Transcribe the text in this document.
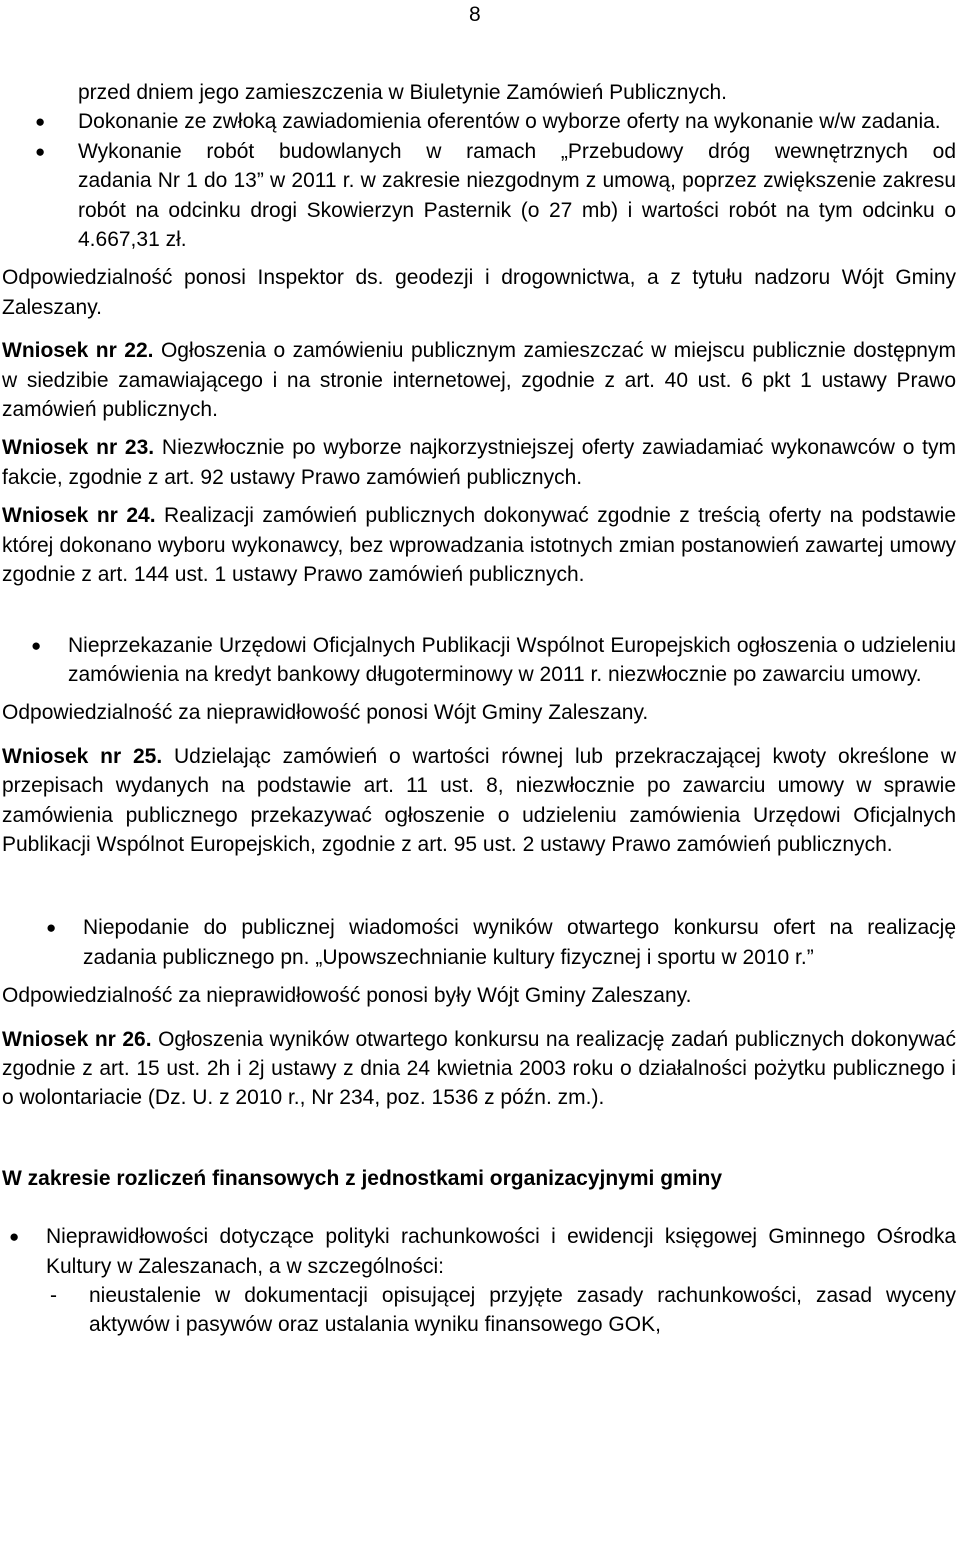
8

przed dniem jego zamieszczenia w Biuletynie Zamówień Publicznych.

● Dokonanie ze zwłoką zawiadomienia oferentów o wyborze oferty na wykonanie w/w zadania.

● Wykonanie robót budowlanych w ramach „Przebudowy dróg wewnętrznych od

zadania Nr 1 do 13” w 2011 r. w zakresie niezgodnym z umową, poprzez zwiększenie zakresu robót na odcinku drogi Skowierzyn Pasternik (o 27 mb) i wartości robót na tym odcinku o 4.667,31 zł.

Odpowiedzialność ponosi Inspektor ds. geodezji i drogownictwa, a z tytułu nadzoru Wójt Gminy Zaleszany.

Wniosek nr 22. Ogłoszenia o zamówieniu publicznym zamieszczać w miejscu publicznie dostępnym w siedzibie zamawiającego i na stronie internetowej, zgodnie z art. 40 ust. 6 pkt 1 ustawy Prawo zamówień publicznych.

Wniosek nr 23. Niezwłocznie po wyborze najkorzystniejszej oferty zawiadamiać wykonawców o tym fakcie, zgodnie z art. 92 ustawy Prawo zamówień publicznych.

Wniosek nr 24. Realizacji zamówień publicznych dokonywać zgodnie z treścią oferty na podstawie której dokonano wyboru wykonawcy, bez wprowadzania istotnych zmian postanowień zawartej umowy zgodnie z art. 144 ust. 1 ustawy Prawo zamówień publicznych.

● Nieprzekazanie Urzędowi Oficjalnych Publikacji Wspólnot Europejskich ogłoszenia o udzieleniu zamówienia na kredyt bankowy długoterminowy w 2011 r. niezwłocznie po zawarciu umowy.

Odpowiedzialność za nieprawidłowość ponosi Wójt Gminy Zaleszany.

Wniosek nr 25. Udzielając zamówień o wartości równej lub przekraczającej kwoty określone w przepisach wydanych na podstawie art. 11 ust. 8, niezwłocznie po zawarciu umowy w sprawie zamówienia publicznego przekazywać ogłoszenie o udzieleniu zamówienia Urzędowi Oficjalnych Publikacji Wspólnot Europejskich, zgodnie z art. 95 ust. 2 ustawy Prawo zamówień publicznych.

● Niepodanie do publicznej wiadomości wyników otwartego konkursu ofert na realizację zadania publicznego pn. „Upowszechnianie kultury fizycznej i sportu w 2010 r.”

Odpowiedzialność za nieprawidłowość ponosi były Wójt Gminy Zaleszany.

Wniosek nr 26. Ogłoszenia wyników otwartego konkursu na realizację zadań publicznych dokonywać zgodnie z art. 15 ust. 2h i 2j ustawy z dnia 24 kwietnia 2003 roku o działalności pożytku publicznego i o wolontariacie (Dz. U. z 2010 r., Nr 234, poz. 1536 z późn. zm.).

W zakresie rozliczeń finansowych z jednostkami organizacyjnymi gminy

● Nieprawidłowości dotyczące polityki rachunkowości i ewidencji księgowej Gminnego Ośrodka Kultury w Zaleszanach, a w szczególności:

- nieustalenie w dokumentacji opisującej przyjęte zasady rachunkowości, zasad wyceny aktywów i pasywów oraz ustalania wyniku finansowego GOK,
